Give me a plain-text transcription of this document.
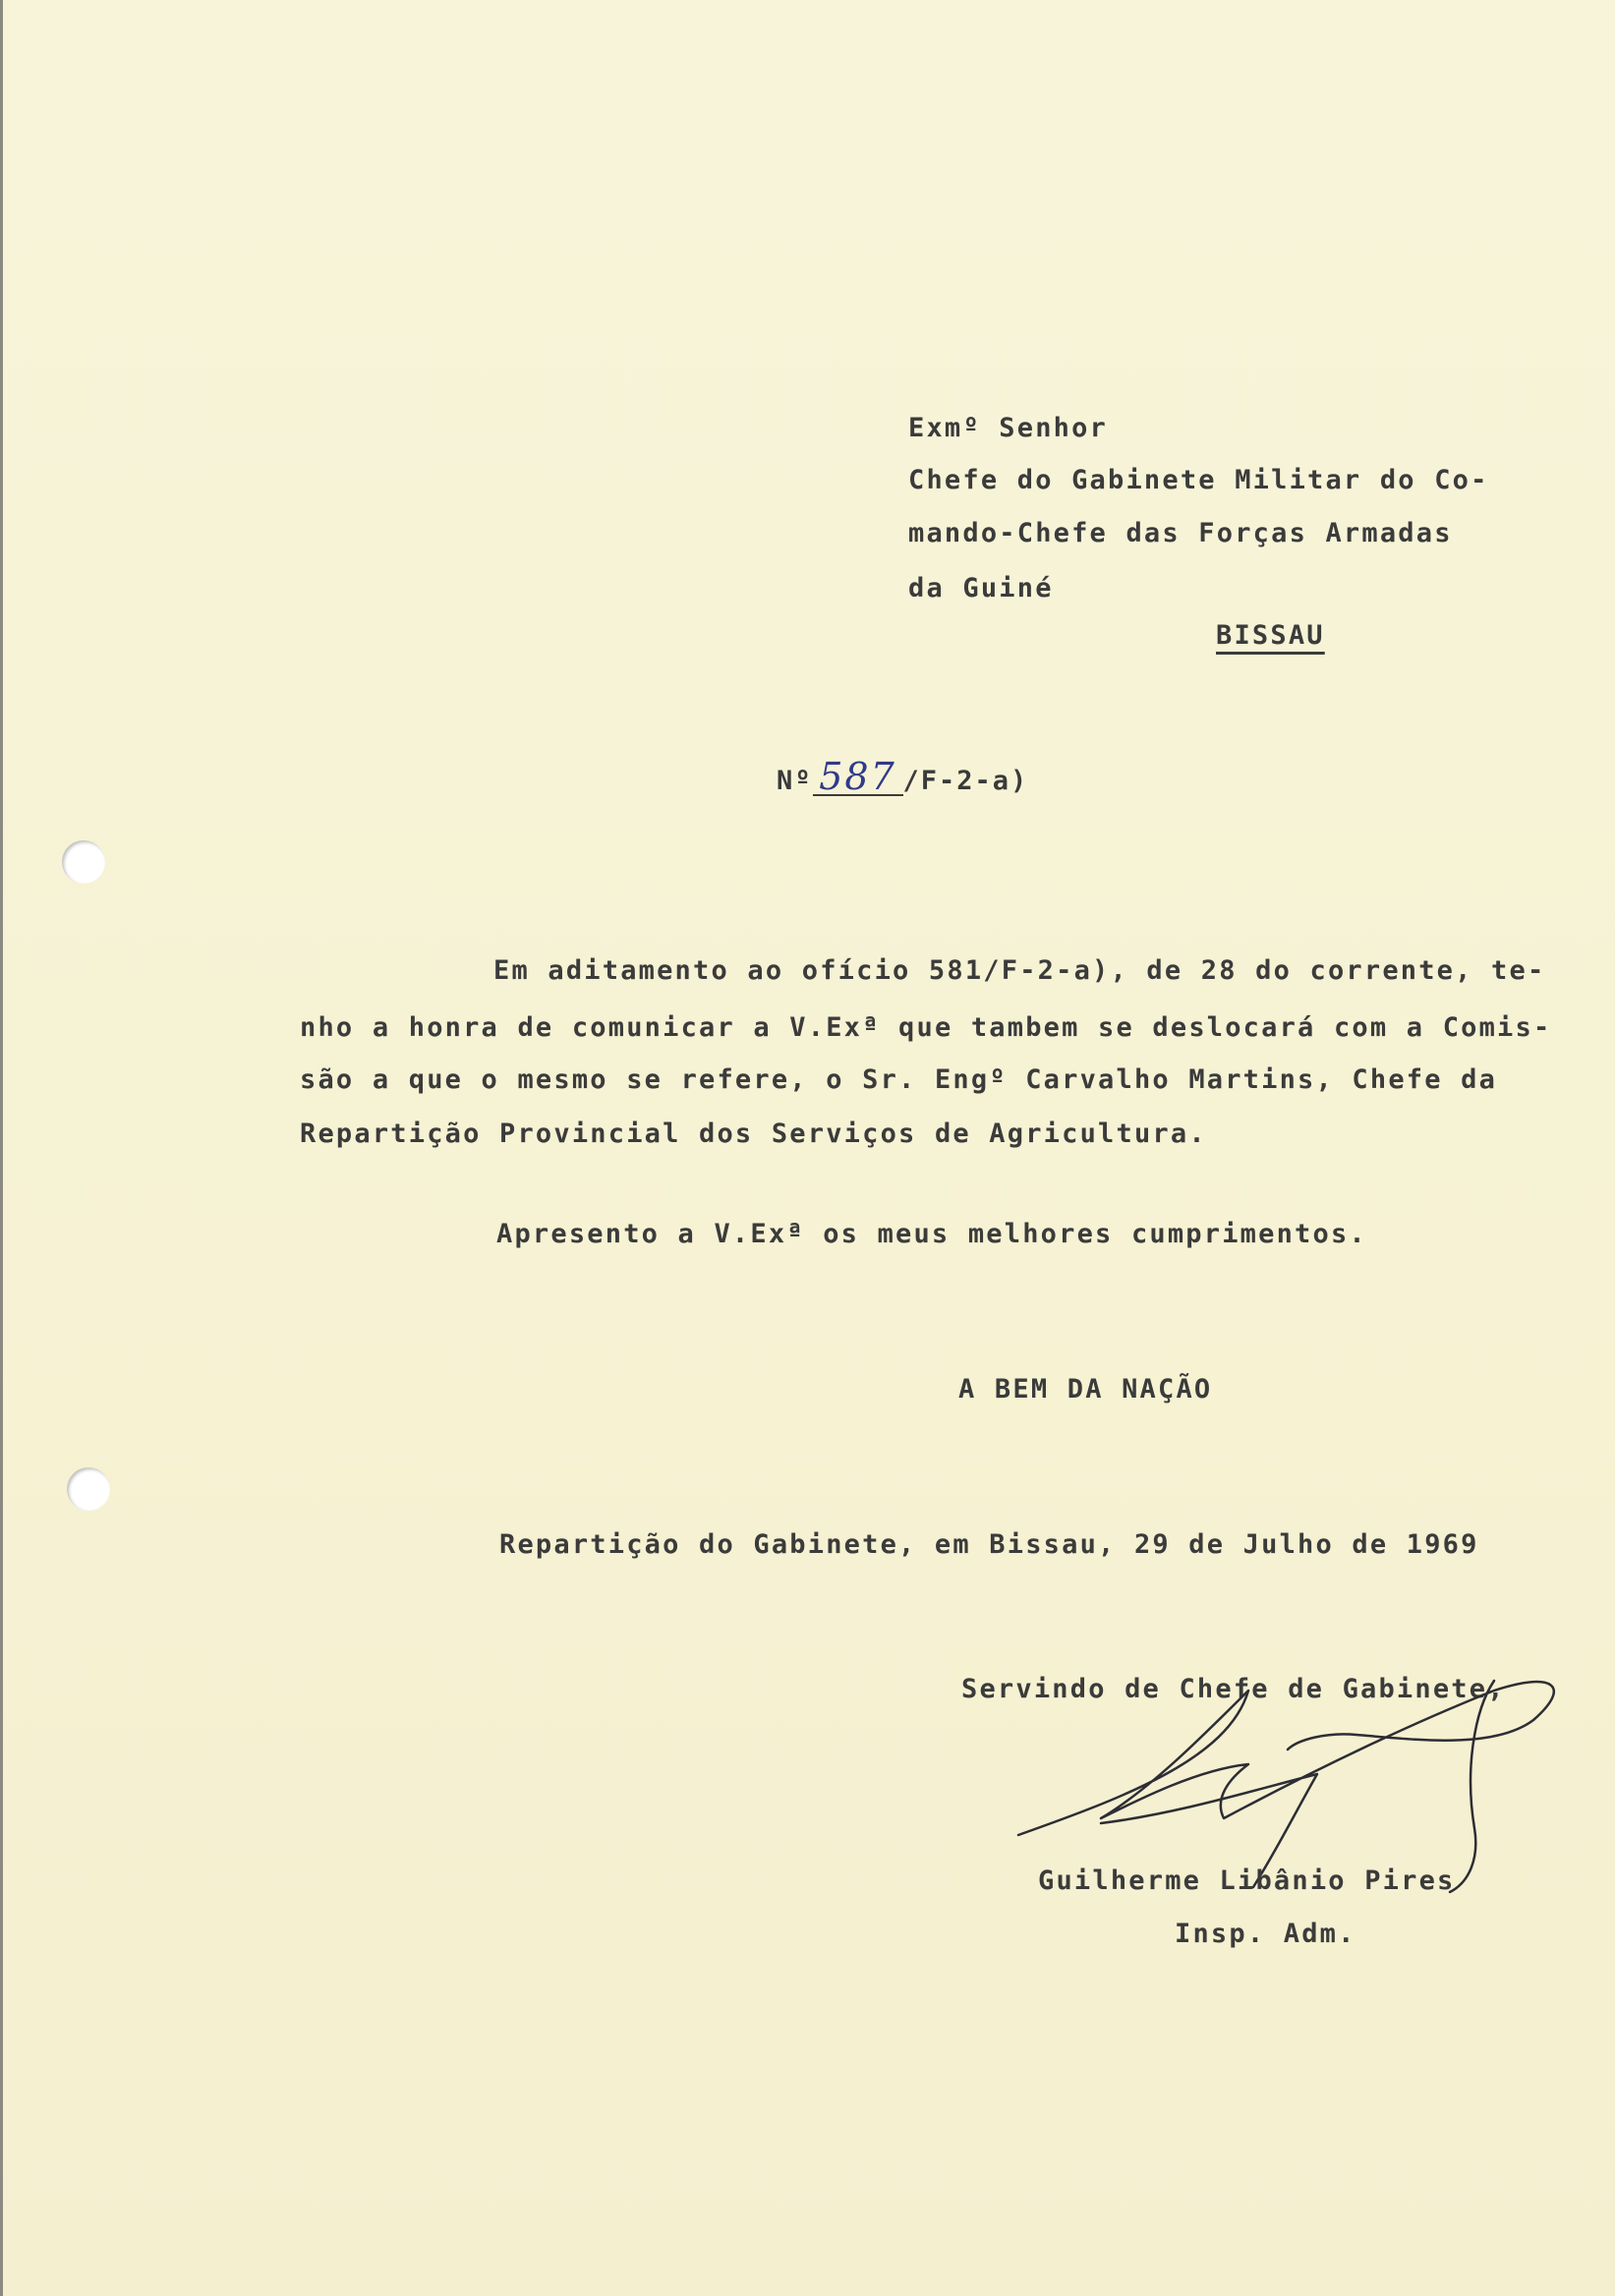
Exmº Senhor
Chefe do Gabinete Militar do Co-
mando-Chefe das Forças Armadas
da Guiné
BISSAU
Nº 587 /F-2-a)
Em aditamento ao ofício 581/F-2-a), de 28 do corrente, te-
nho a honra de comunicar a V.Exª que tambem se deslocará com a Comis-
são a que o mesmo se refere, o Sr. Engº Carvalho Martins, Chefe da
Repartição Provincial dos Serviços de Agricultura.
Apresento a V.Exª os meus melhores cumprimentos.
A BEM DA NAÇÃO
Repartição do Gabinete, em Bissau, 29 de Julho de 1969
Servindo de Chefe de Gabinete,
Guilherme Libânio Pires
Insp. Adm.
